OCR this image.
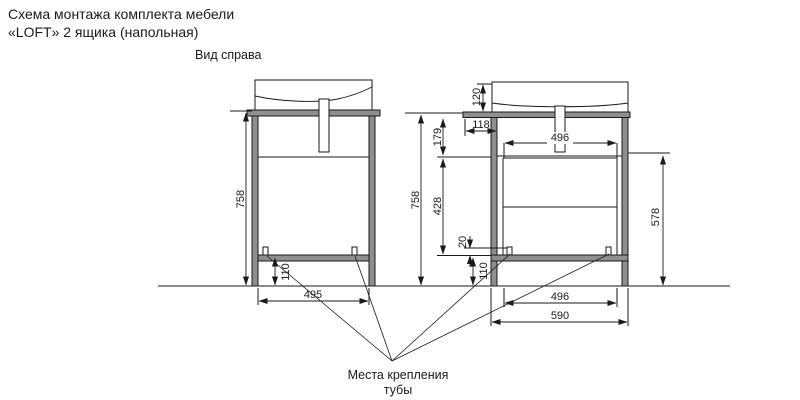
Схема монтажа комплекта мебели
«LOFT» 2 ящика (напольная)
Вид справа
758
110
495
758
120
118
179
428
20
110
496
578
496
590
Места крепления
тубы
